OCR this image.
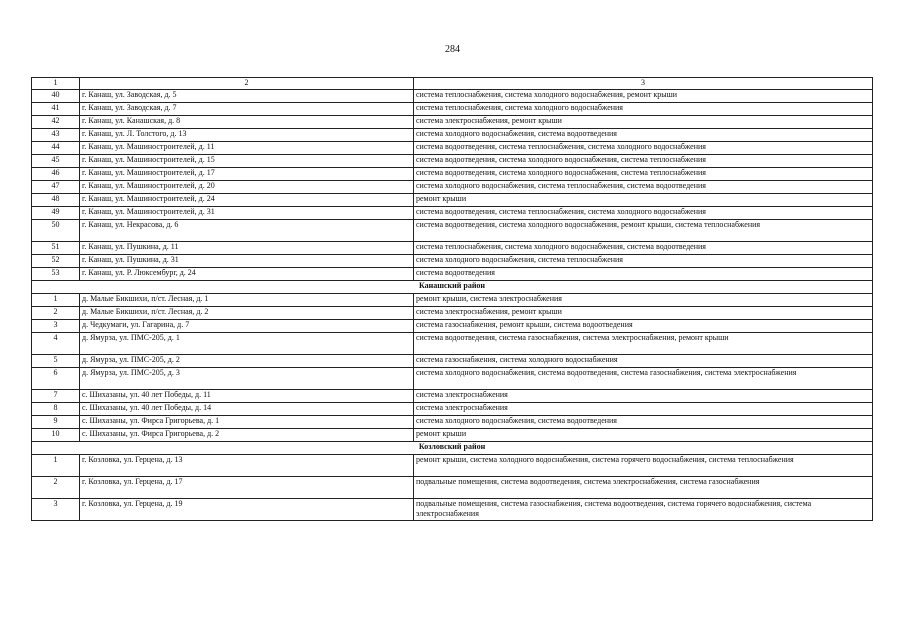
284
1	2	3
40	г. Канаш, ул. Заводская, д. 5	система теплоснабжения, система холодного водоснабжения, ремонт крыши
41	г. Канаш, ул. Заводская, д. 7	система теплоснабжения, система холодного водоснабжения
42	г. Канаш, ул. Канашская, д. 8	система электроснабжения, ремонт крыши
43	г. Канаш, ул. Л. Толстого, д. 13	система холодного водоснабжения, система водоотведения
44	г. Канаш, ул. Машиностроителей, д. 11	система водоотведения, система теплоснабжения, система холодного водоснабжения
45	г. Канаш, ул. Машиностроителей, д. 15	система водоотведения, система холодного водоснабжения, система теплоснабжения
46	г. Канаш, ул. Машиностроителей, д. 17	система водоотведения, система холодного водоснабжения, система теплоснабжения
47	г. Канаш, ул. Машиностроителей, д. 20	система холодного водоснабжения, система теплоснабжения, система водоотведения
48	г. Канаш, ул. Машиностроителей, д. 24	ремонт крыши
49	г. Канаш, ул. Машиностроителей, д. 31	система водоотведения, система теплоснабжения, система холодного водоснабжения
50	г. Канаш, ул. Некрасова, д. 6	система водоотведения, система холодного водоснабжения, ремонт крыши, система теплоснабжения
51	г. Канаш, ул. Пушкина, д. 11	система теплоснабжения, система холодного водоснабжения, система водоотведения
52	г. Канаш, ул. Пушкина, д. 31	система холодного водоснабжения, система теплоснабжения
53	г. Канаш, ул. Р. Люксембург, д. 24	система водоотведения
Канашский район		
1	д. Малые Бикшихи, п/ст. Лесная, д. 1	ремонт крыши, система электроснабжения
2	д. Малые Бикшихи, п/ст. Лесная, д. 2	система электроснабжения, ремонт крыши
3	д. Чедкумаги, ул. Гагарина, д. 7	система газоснабжения, ремонт крыши, система водоотведения
4	д. Ямурза, ул. ПМС-205, д. 1	система водоотведения, система газоснабжения, система электроснабжения, ремонт крыши
5	д. Ямурза, ул. ПМС-205, д. 2	система газоснабжения, система холодного водоснабжения
6	д. Ямурза, ул. ПМС-205, д. 3	система холодного водоснабжения, система водоотведения, система газоснабжения, система электроснабжения
7	с. Шихазаны, ул. 40 лет Победы, д. 11	система электроснабжения
8	с. Шихазаны, ул. 40 лет Победы, д. 14	система электроснабжения
9	с. Шихазаны, ул. Фирса Григорьева, д. 1	система холодного водоснабжения, система водоотведения
10	с. Шихазаны, ул. Фирса Григорьева, д. 2	ремонт крыши
Козловский район		
1	г. Козловка, ул. Герцена, д. 13	ремонт крыши, система холодного водоснабжения, система горячего водоснабжения, система теплоснабжения
2	г. Козловка, ул. Герцена, д. 17	подвальные помещения, система водоотведения, система электроснабжения, система газоснабжения
3	г. Козловка, ул. Герцена, д. 19	подвальные помещения, система газоснабжения, система водоотведения, система горячего водоснабжения, система электроснабжения
